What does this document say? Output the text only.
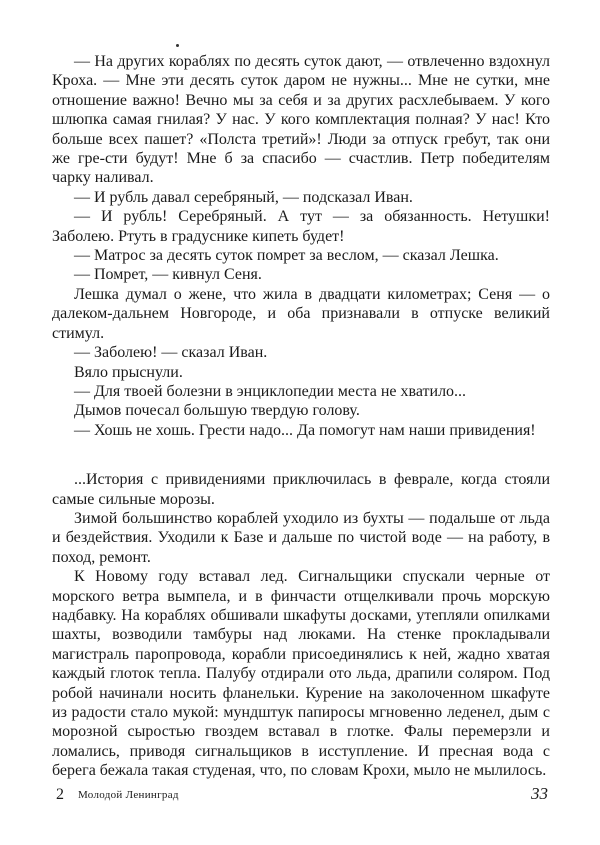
— На других кораблях по десять суток дают, — отвлеченно вздохнул Кроха. — Мне эти десять суток даром не нужны... Мне не сутки, мне отношение важно! Вечно мы за себя и за других расхлебываем. У кого шлюпка самая гнилая? У нас. У кого комплектация полная? У нас! Кто больше всех пашет? «Полста третий»! Люди за отпуск гребут, так они же гре-сти будут! Мне б за спасибо — счастлив. Петр победителям чарку наливал.

— И рубль давал серебряный, — подсказал Иван.

— И рубль! Серебряный. А тут — за обязанность. Нетушки! Заболею. Ртуть в градуснике кипеть будет!

— Матрос за десять суток помрет за веслом, — сказал Лешка.

— Помрет, — кивнул Сеня.

Лешка думал о жене, что жила в двадцати километрах; Сеня — о далеком-дальнем Новгороде, и оба признавали в отпуске великий стимул.

— Заболею! — сказал Иван.

Вяло прыснули.

— Для твоей болезни в энциклопедии места не хватило...

Дымов почесал большую твердую голову.

— Хошь не хошь. Грести надо... Да помогут нам наши привидения!

...История с привидениями приключилась в феврале, когда стояли самые сильные морозы.

Зимой большинство кораблей уходило из бухты — подальше от льда и бездействия. Уходили к Базе и дальше по чистой воде — на работу, в поход, ремонт.

К Новому году вставал лед. Сигнальщики спускали черные от морского ветра вымпела, и в финчасти отщелкивали прочь морскую надбавку. На кораблях обшивали шкафуты досками, утепляли опилками шахты, возводили тамбуры над люками. На стенке прокладывали магистраль паропровода, корабли присоединялись к ней, жадно хватая каждый глоток тепла. Палубу отдирали ото льда, драпили соляром. Под робой начинали носить фланельки. Курение на заколоченном шкафуте из радости стало мукой: мундштук папиросы мгновенно леденел, дым с морозной сыростью гвоздем вставал в глотке. Фалы перемерзли и ломались, приводя сигнальщиков в исступление. И пресная вода с берега бежала такая студеная, что, по словам Крохи, мыло не мылилось.

2 Молодой Ленинград	33
